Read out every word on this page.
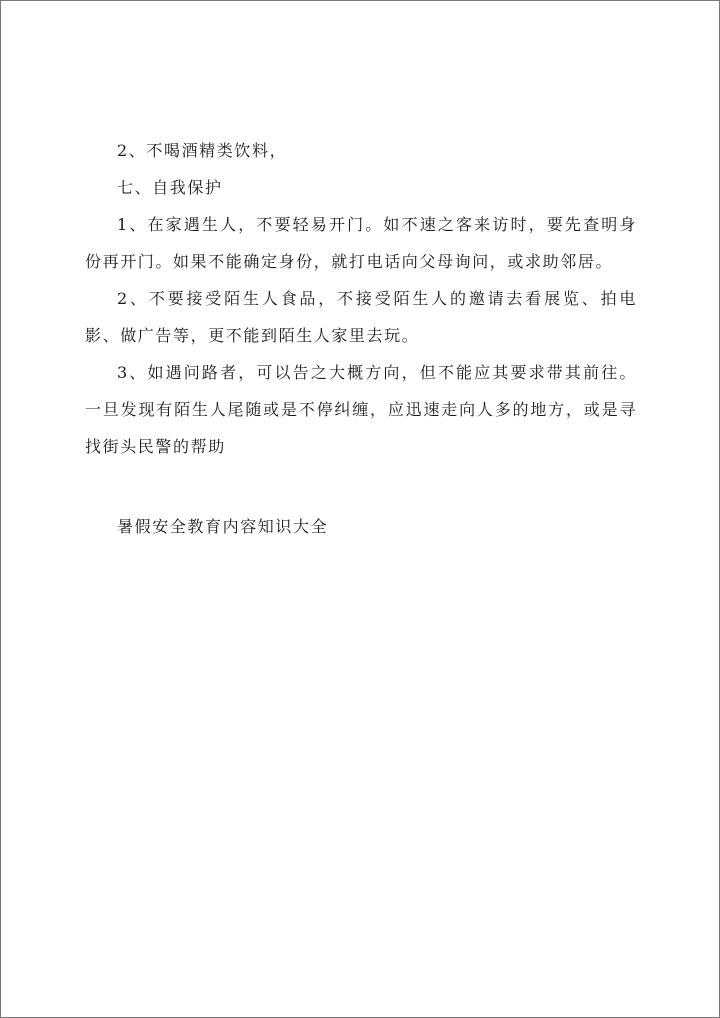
2、不喝酒精类饮料，

七、自我保护

1、在家遇生人，不要轻易开门。如不速之客来访时，要先查明身份再开门。如果不能确定身份，就打电话向父母询问，或求助邻居。

2、不要接受陌生人食品，不接受陌生人的邀请去看展览、拍电影、做广告等，更不能到陌生人家里去玩。

3、如遇问路者，可以告之大概方向，但不能应其要求带其前往。一旦发现有陌生人尾随或是不停纠缠，应迅速走向人多的地方，或是寻找街头民警的帮助

暑假安全教育内容知识大全
